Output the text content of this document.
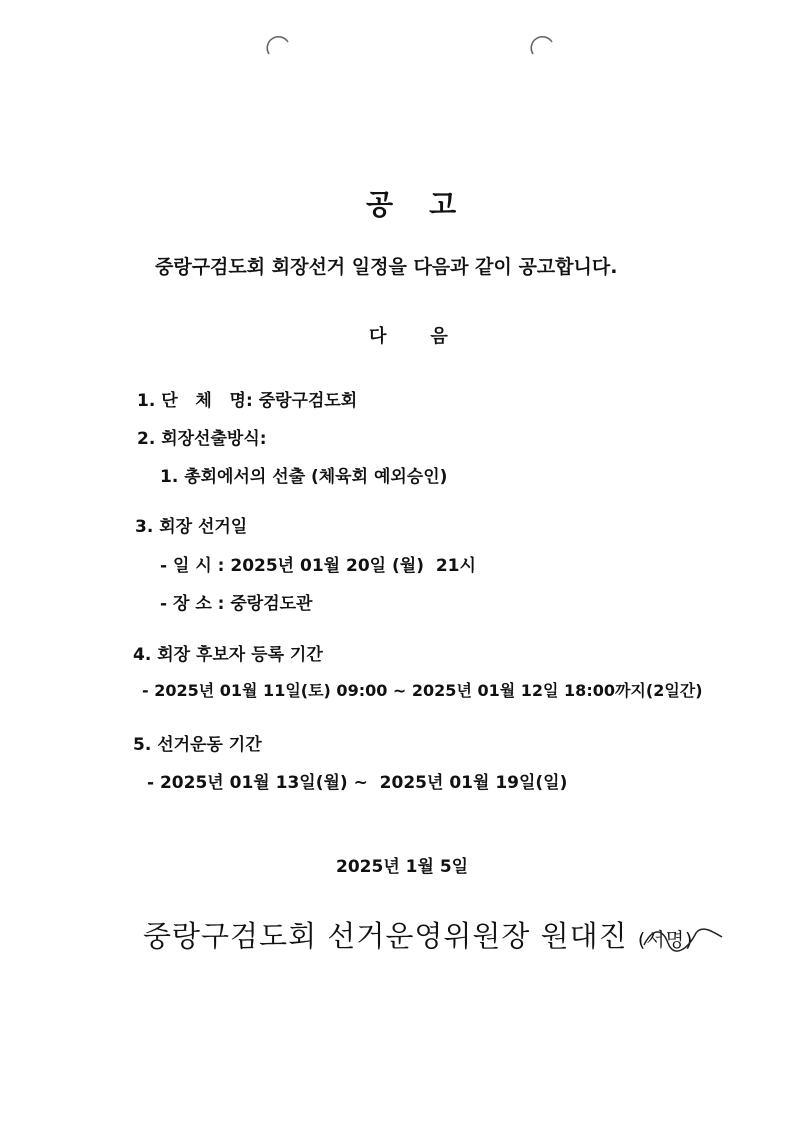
공 고
중랑구검도회 회장선거 일정을 다음과 같이 공고합니다.
다 음
1. 단   체   명: 중랑구검도회
2. 회장선출방식:
1. 총회에서의 선출 (체육회 예외승인)
3. 회장 선거일
- 일 시 : 2025년 01월 20일 (월)  21시
- 장 소 : 중랑검도관
4. 회장 후보자 등록 기간
- 2025년 01월 11일(토) 09:00 ~ 2025년 01월 12일 18:00까지(2일간)
5. 선거운동 기간
- 2025년 01월 13일(월) ~  2025년 01월 19일(일)
2025년 1월 5일
중랑구검도회 선거운영위원장 원대진 (서명)
